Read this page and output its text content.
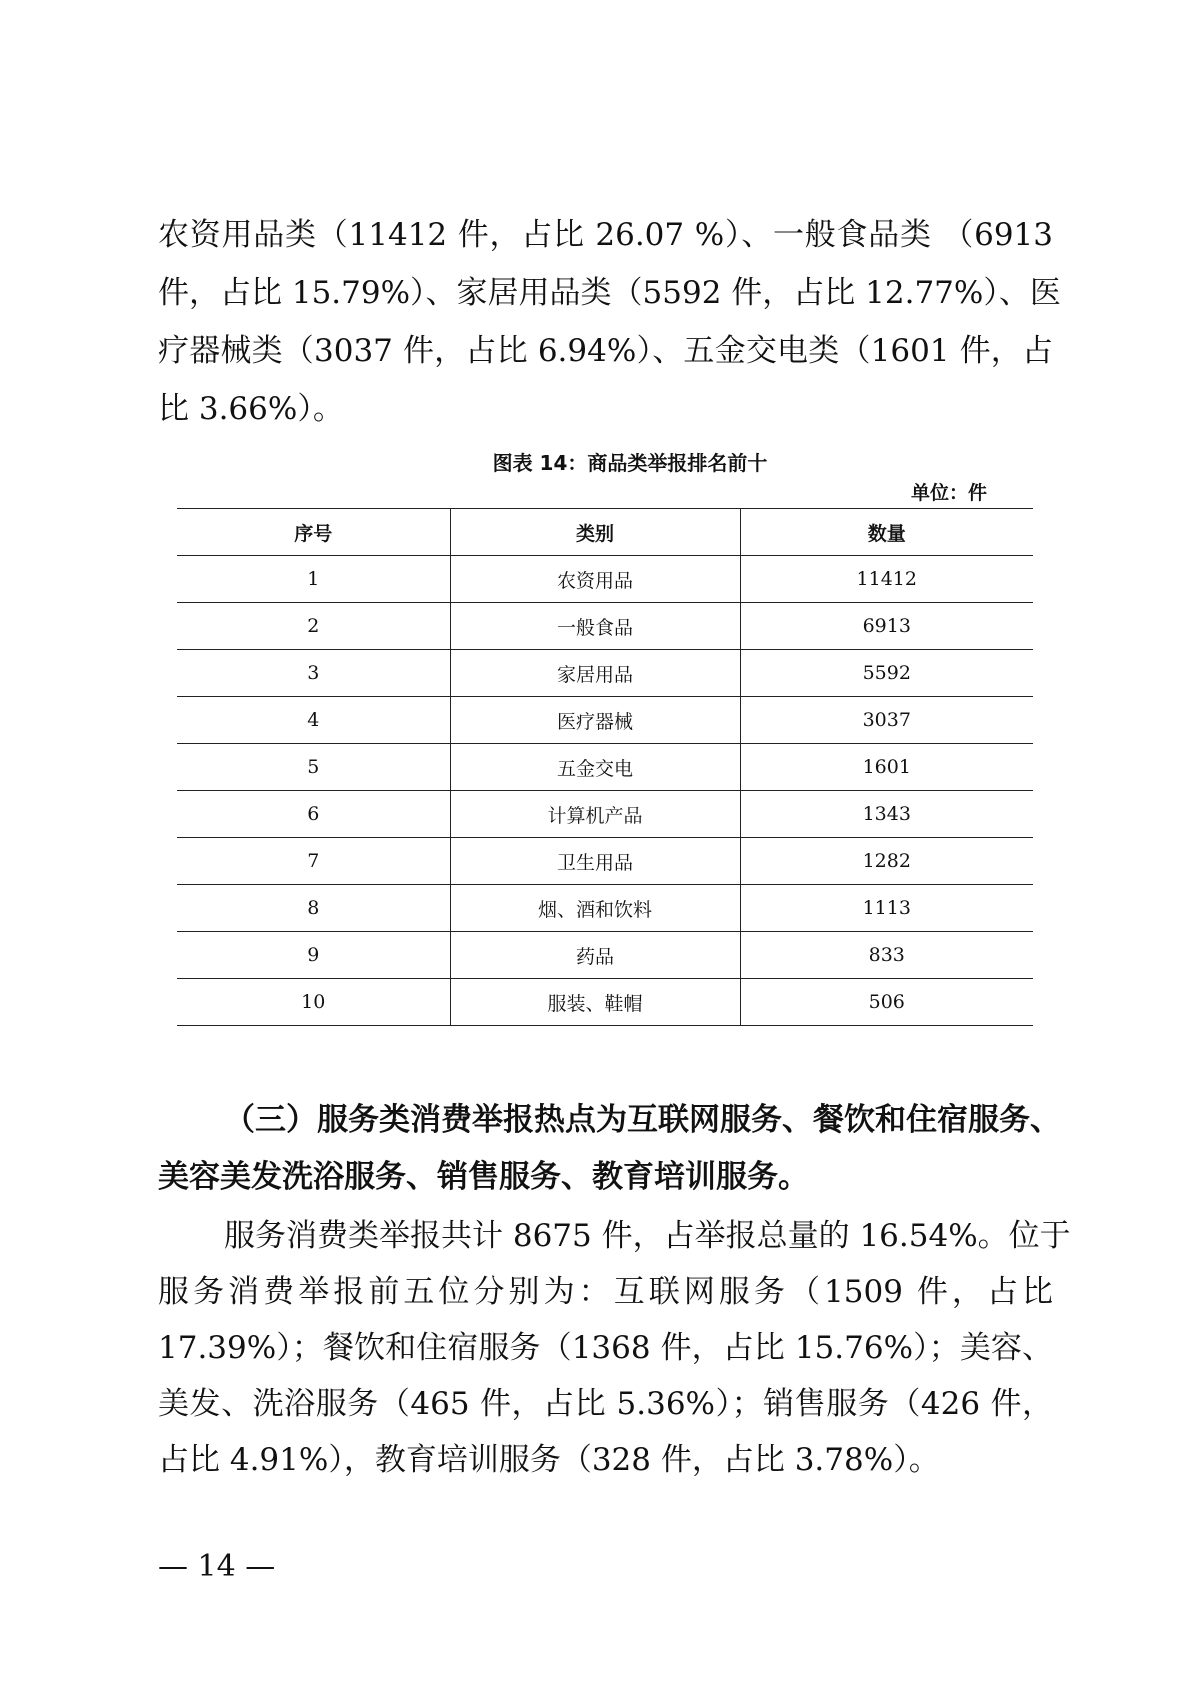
农资用品类（11412 件，占比 26.07 %）、一般食品类 （6913
件，占比 15.79%）、家居用品类（5592 件，占比 12.77%）、医
疗器械类（3037 件，占比 6.94%）、五金交电类（1601 件，占
比 3.66%）。
图表 14：商品类举报排名前十
单位：件
序号	类别	数量
1	农资用品	11412
2	一般食品	6913
3	家居用品	5592
4	医疗器械	3037
5	五金交电	1601
6	计算机产品	1343
7	卫生用品	1282
8	烟、酒和饮料	1113
9	药品	833
10	服装、鞋帽	506
（三）服务类消费举报热点为互联网服务、餐饮和住宿服务、
美容美发洗浴服务、销售服务、教育培训服务。
服务消费类举报共计 8675 件，占举报总量的 16.54%。位于
服务消费举报前五位分别为：互联网服务（1509 件，占比
17.39%）；餐饮和住宿服务（1368 件，占比 15.76%）；美容、
美发、洗浴服务（465 件，占比 5.36%）；销售服务（426 件，
占比 4.91%），教育培训服务（328 件，占比 3.78%）。
— 14 —
